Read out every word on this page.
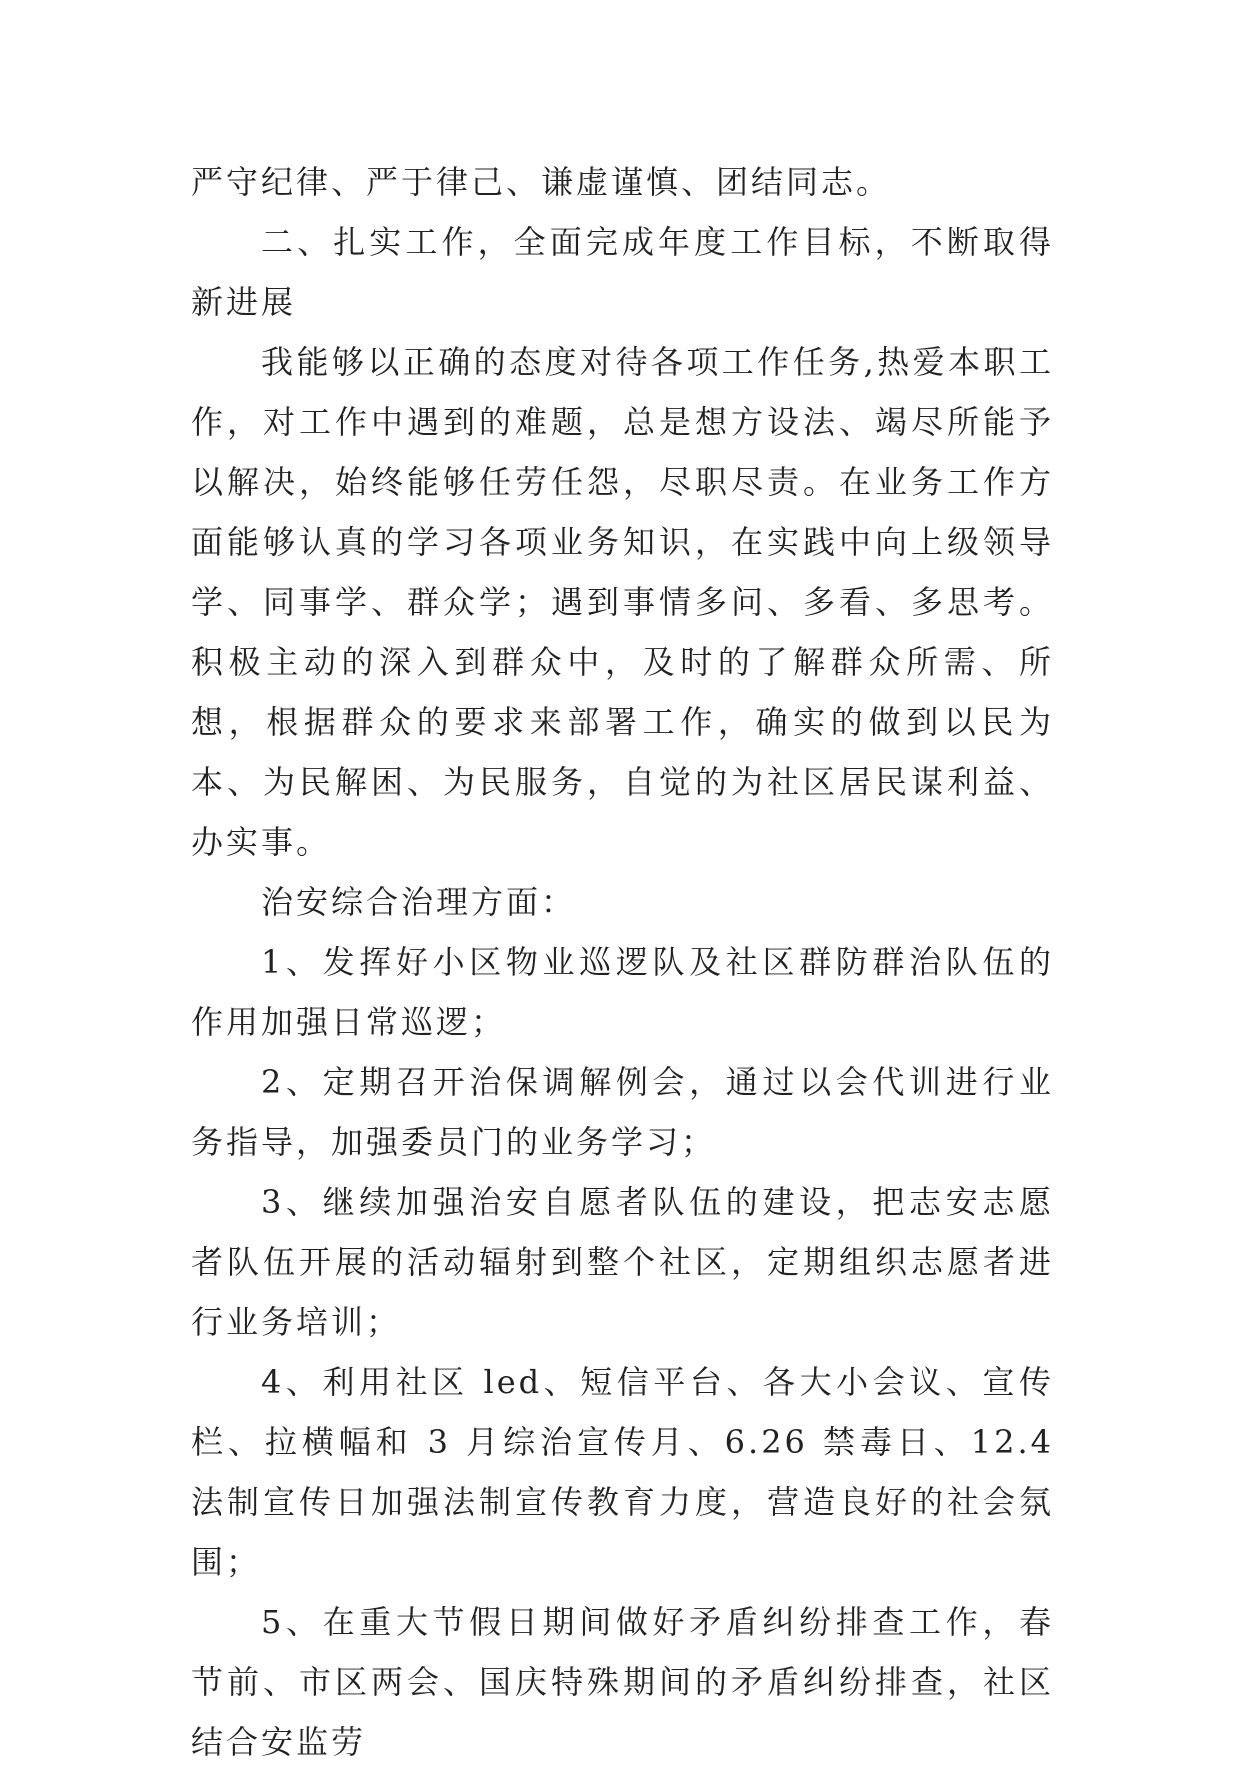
严守纪律、严于律己、谦虚谨慎、团结同志。

二、扎实工作，全面完成年度工作目标，不断取得新进展

我能够以正确的态度对待各项工作任务,热爱本职工作，对工作中遇到的难题，总是想方设法、竭尽所能予以解决，始终能够任劳任怨，尽职尽责。在业务工作方面能够认真的学习各项业务知识，在实践中向上级领导学、同事学、群众学；遇到事情多问、多看、多思考。积极主动的深入到群众中，及时的了解群众所需、所想，根据群众的要求来部署工作，确实的做到以民为本、为民解困、为民服务，自觉的为社区居民谋利益、办实事。

治安综合治理方面：

1、发挥好小区物业巡逻队及社区群防群治队伍的作用加强日常巡逻；

2、定期召开治保调解例会，通过以会代训进行业务指导，加强委员门的业务学习；

3、继续加强治安自愿者队伍的建设，把志安志愿者队伍开展的活动辐射到整个社区，定期组织志愿者进行业务培训；

4、利用社区 led、短信平台、各大小会议、宣传栏、拉横幅和 3 月综治宣传月、6.26 禁毒日、12.4 法制宣传日加强法制宣传教育力度，营造良好的社会氛围；

5、在重大节假日期间做好矛盾纠纷排查工作，春节前、市区两会、国庆特殊期间的矛盾纠纷排查，社区结合安监劳
